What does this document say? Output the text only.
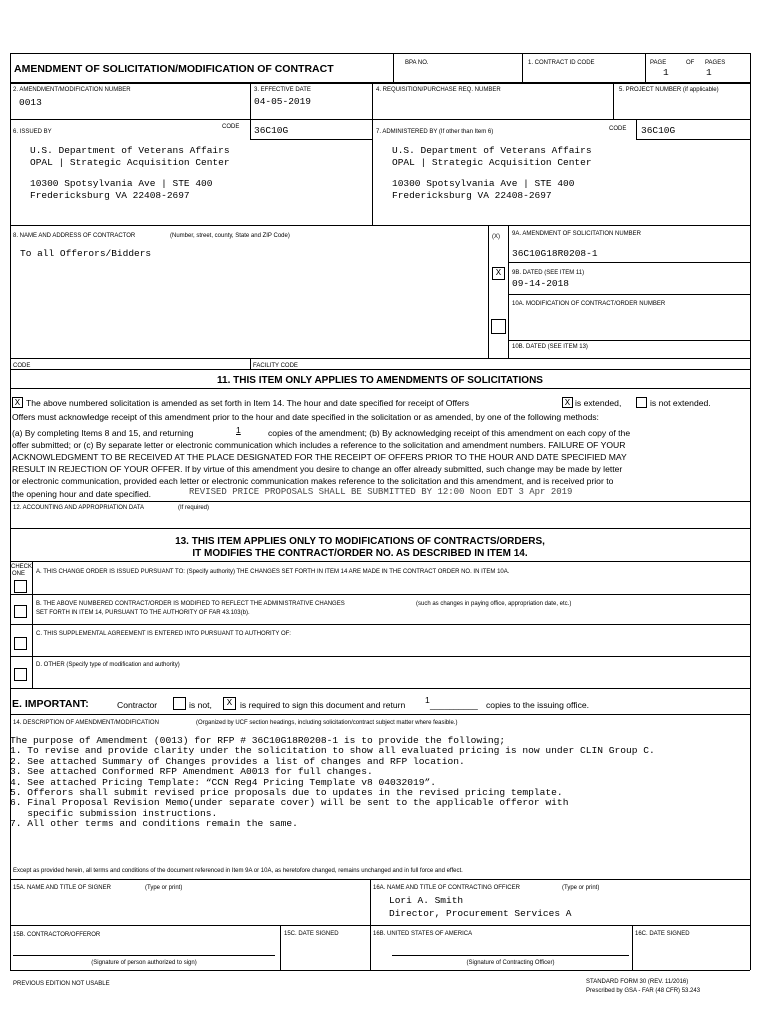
AMENDMENT OF SOLICITATION/MODIFICATION OF CONTRACT	BPA NO.	1. CONTRACT ID CODE	PAGE	OF PAGES
1	1
2. AMENDMENT/MODIFICATION NUMBER
0013
3. EFFECTIVE DATE
04-05-2019
4. REQUISITION/PURCHASE REQ. NUMBER	5. PROJECT NUMBER (if applicable)
6. ISSUED BY
CODE 36C10G
U.S. Department of Veterans Affairs
OPAL | Strategic Acquisition Center
10300 Spotsylvania Ave | STE 400
Fredericksburg VA 22408-2697
7. ADMINISTERED BY (If other than Item 6)	CODE 36C10G
U.S. Department of Veterans Affairs
OPAL | Strategic Acquisition Center
10300 Spotsylvania Ave | STE 400
Fredericksburg VA 22408-2697
8. NAME AND ADDRESS OF CONTRACTOR	(Number, street, county, State and ZIP Code)
To all Offerors/Bidders
(X)
CODE	FACILITY CODE
9A. AMENDMENT OF SOLICITATION NUMBER
36C10G18R0208-1
X	9B. DATED (SEE ITEM 11)
09-14-2018
10A. MODIFICATION OF CONTRACT/ORDER NUMBER
10B. DATED (SEE ITEM 13)
11. THIS ITEM ONLY APPLIES TO AMENDMENTS OF SOLICITATIONS
X The above numbered solicitation is amended as set forth in Item 14. The hour and date specified for receipt of Offers	X is extended,	is not extended.
Offers must acknowledge receipt of this amendment prior to the hour and date specified in the solicitation or as amended, by one of the following methods:
(a) By completing Items 8 and 15, and returning	1	copies of the amendment; (b) By acknowledging receipt of this amendment on each copy of the
offer submitted; or (c) By separate letter or electronic communication which includes a reference to the solicitation and amendment numbers. FAILURE OF YOUR
ACKNOWLEDGMENT TO BE RECEIVED AT THE PLACE DESIGNATED FOR THE RECEIPT OF OFFERS PRIOR TO THE HOUR AND DATE SPECIFIED MAY
RESULT IN REJECTION OF YOUR OFFER. If by virtue of this amendment you desire to change an offer already submitted, such change may be made by letter
or electronic communication, provided each letter or electronic communication makes reference to the solicitation and this amendment, and is received prior to
the opening hour and date specified.	REVISED PRICE PROPOSALS SHALL BE SUBMITTED BY 12:00 Noon EDT 3 Apr 2019
12. ACCOUNTING AND APPROPRIATION DATA	(If required)
13. THIS ITEM APPLIES ONLY TO MODIFICATIONS OF CONTRACTS/ORDERS,
IT MODIFIES THE CONTRACT/ORDER NO. AS DESCRIBED IN ITEM 14.
CHECK
ONE A. THIS CHANGE ORDER IS ISSUED PURSUANT TO: (Specify authority) THE CHANGES SET FORTH IN ITEM 14 ARE MADE IN THE CONTRACT ORDER NO. IN ITEM 10A.
B. THE ABOVE NUMBERED CONTRACT/ORDER IS MODIFIED TO REFLECT THE ADMINISTRATIVE CHANGES	(such as changes in paying office, appropriation date, etc.)
SET FORTH IN ITEM 14, PURSUANT TO THE AUTHORITY OF FAR 43.103(b).
C. THIS SUPPLEMENTAL AGREEMENT IS ENTERED INTO PURSUANT TO AUTHORITY OF:
D. OTHER (Specify type of modification and authority)
E. IMPORTANT:	Contractor	is not,	X is required to sign this document and return 1 __________ copies to the issuing office.
14. DESCRIPTION OF AMENDMENT/MODIFICATION	(Organized by UCF section headings, including solicitation/contract subject matter where feasible.)
The purpose of Amendment (0013) for RFP # 36C10G18R0208-1 is to provide the following;
1. To revise and provide clarity under the solicitation to show all evaluated pricing is now under CLIN Group C.
2. See attached Summary of Changes provides a list of changes and RFP location.
3. See attached Conformed RFP Amendment A0013 for full changes.
4. See attached Pricing Template: “CCN Reg4 Pricing Template v8 04032019”.
5. Offerors shall submit revised price proposals due to updates in the revised pricing template.
6. Final Proposal Revision Memo(under separate cover) will be sent to the applicable offeror with
specific submission instructions.
7. All other terms and conditions remain the same.
Except as provided herein, all terms and conditions of the document referenced in Item 9A or 10A, as heretofore changed, remains unchanged and in full force and effect.
15A. NAME AND TITLE OF SIGNER	(Type or print)	16A. NAME AND TITLE OF CONTRACTING OFFICER	(Type or print)
Lori A. Smith
Director, Procurement Services A
15B. CONTRACTOR/OFFEROR	15C. DATE SIGNED	16B. UNITED STATES OF AMERICA	16C. DATE SIGNED
(Signature of person authorized to sign)	(Signature of Contracting Officer)
PREVIOUS EDITION NOT USABLE	STANDARD FORM 30 (REV. 11/2016)
Prescribed by GSA - FAR (48 CFR) 53.243
